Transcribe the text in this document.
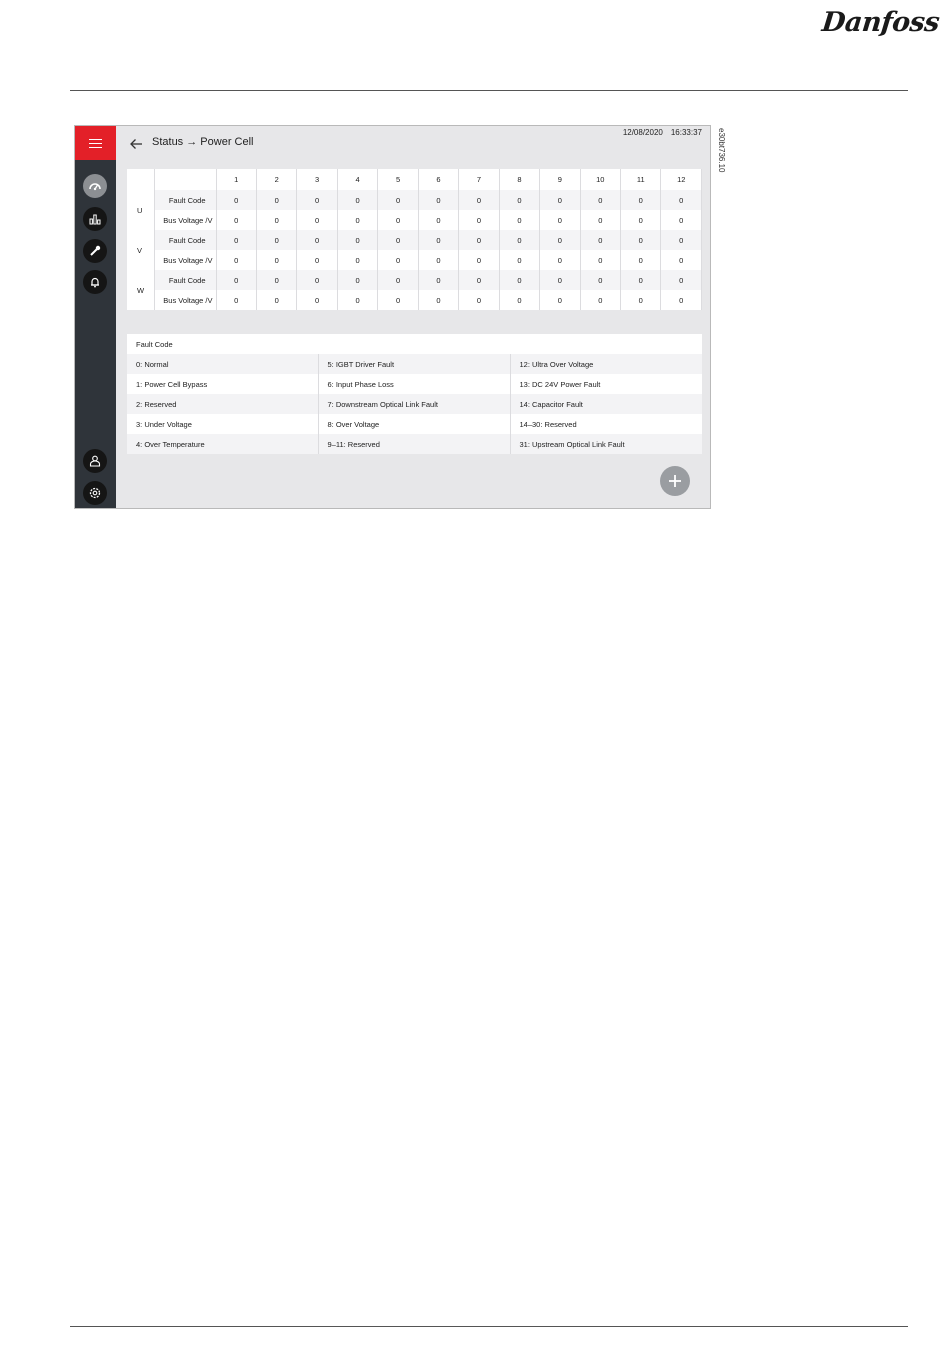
Danfoss
e30bt736.10
Status → Power Cell
12/08/2020 16:33:37
		1	2	3	4	5	6	7	8	9	10	11	12
U	Fault Code	0	0	0	0	0	0	0	0	0	0	0	0
	Bus Voltage /V	0	0	0	0	0	0	0	0	0	0	0	0
V	Fault Code	0	0	0	0	0	0	0	0	0	0	0	0
	Bus Voltage /V	0	0	0	0	0	0	0	0	0	0	0	0
W	Fault Code	0	0	0	0	0	0	0	0	0	0	0	0
	Bus Voltage /V	0	0	0	0	0	0	0	0	0	0	0	0
Fault Code		
0: Normal	5: IGBT Driver Fault	12: Ultra Over Voltage
1: Power Cell Bypass	6: Input Phase Loss	13: DC 24V Power Fault
2: Reserved	7: Downstream Optical Link Fault	14: Capacitor Fault
3: Under Voltage	8: Over Voltage	14–30: Reserved
4: Over Temperature	9–11: Reserved	31: Upstream Optical Link Fault
